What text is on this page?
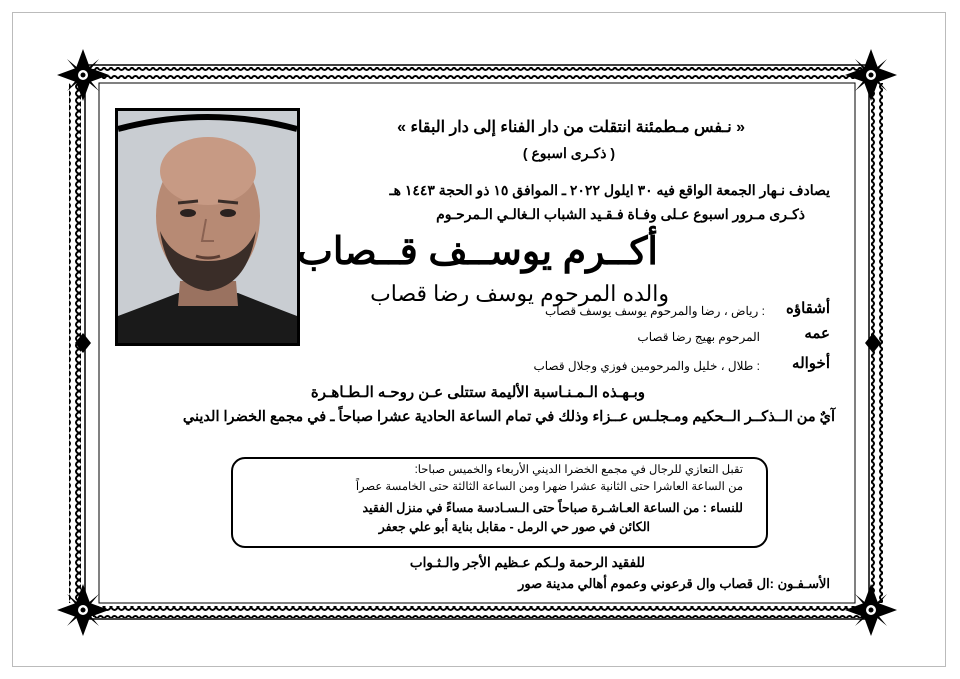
« نـفس مـطمئنة انتقلت من دار الفناء إلى دار البقاء »
( ذكـرى اسبوع )
يصادف نـهار الجمعة الواقع فيه ٣٠ ايلول ٢٠٢٢ ـ الموافق ١٥ ذو الحجة ١٤٤٣ هـ
ذكـرى مـرور اسبوع عـلى وفـاة فـقـيد الشباب الـغالـي الـمرحـوم
أكــرم يوســف قــصاب
والده المرحوم يوسف رضا قصاب
أشقاؤه
: رياض ، رضا والمرحوم يوسف يوسف قصاب
عمه
المرحوم بهيج رضا قصاب
أخواله
: طلال ، خليل والمرحومين فوزي وجلال قصاب
وبـهـذه الـمـنـاسبة الأليمة ستتلى عـن روحـه الـطـاهـرة
آيٌ من الــذكــر الــحكيم ومـجلـس عــزاء وذلك في تمام الساعة الحادية عشرا صباحاً ـ في مجمع الخضرا الديني
تقبل التعازي للرجال في مجمع الخضرا الديني الأربعاء والخميس صباحا:
من الساعة العاشرا حتى الثانية عشرا ضهرا ومن الساعة الثالثة حتى الخامسة عصراً
للنساء : من الساعة العـاشـرة صباحاً حتى الـسـادسة مساءً في منزل الفقيد
الكائن في صور حي الرمل - مقابل بناية أبو علي جعفر
للفقيد الرحمة ولـكم عـظيم الأجر والـثـواب
الأسـفـون :ال قصاب وال قرعوني وعموم أهالي مدينة صور
